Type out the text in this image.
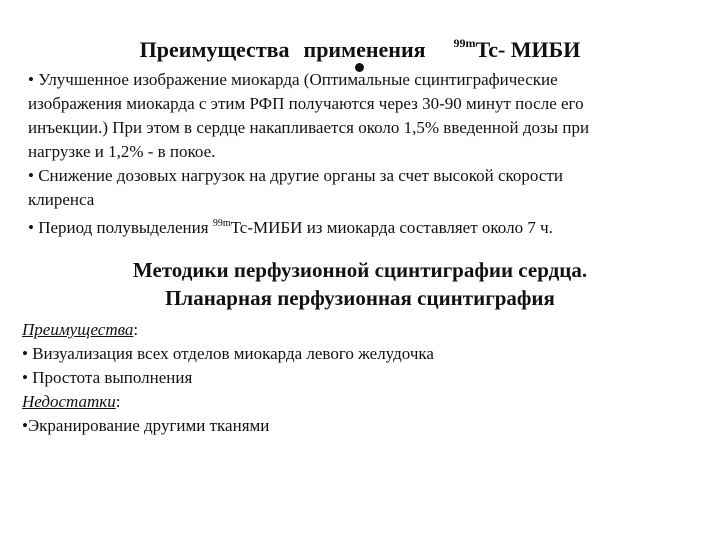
Преимущества применения $^{99m}$Tc- МИБИ

• Улучшенное изображение миокарда (Оптимальные сцинтиграфические

изображения миокарда с этим РФП получаются через 30-90 минут после его

инъекции.) При этом в сердце накапливается около 1,5% введенной дозы при

нагрузке и 1,2% - в покое.

• Снижение дозовых нагрузок на другие органы за счет высокой скорости

клиренса

• Период полувыделения $^{99m}$Tc-МИБИ из миокарда составляет около 7 ч.

Методики перфузионной сцинтиграфии сердца.
Планарная перфузионная сцинтиграфия

Преимущества:

• Визуализация всех отделов миокарда левого желудочка

• Простота выполнения

Недостатки:

•Экранирование другими тканями
